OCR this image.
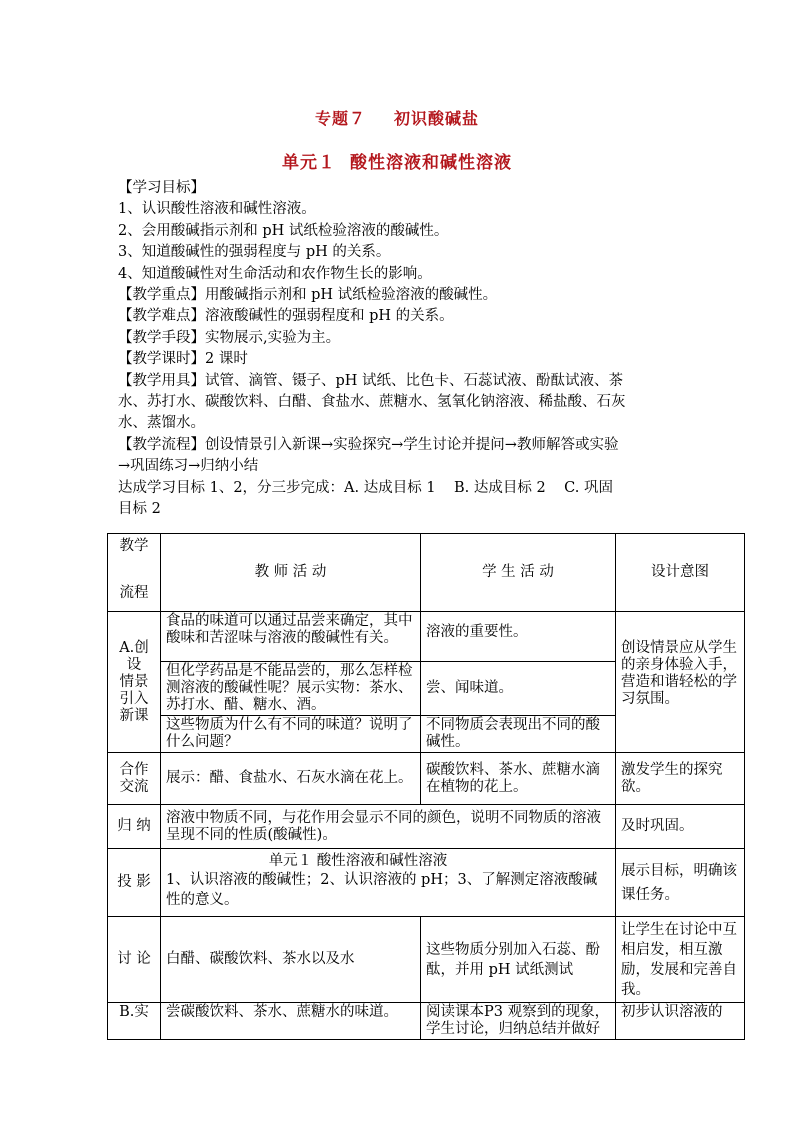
专题７ 初识酸碱盐
单元１ 酸性溶液和碱性溶液
【学习目标】
1、认识酸性溶液和碱性溶液。
2、会用酸碱指示剂和 pH 试纸检验溶液的酸碱性。
3、知道酸碱性的强弱程度与 pH 的关系。
4、知道酸碱性对生命活动和农作物生长的影响。
【教学重点】用酸碱指示剂和 pH 试纸检验溶液的酸碱性。
【教学难点】溶液酸碱性的强弱程度和 pH 的关系。
【教学手段】实物展示,实验为主。
【教学课时】2 课时
【教学用具】试管、滴管、镊子、pH 试纸、比色卡、石蕊试液、酚酞试液、茶
水、苏打水、碳酸饮料、白醋、食盐水、蔗糖水、氢氧化钠溶液、稀盐酸、石灰
水、蒸馏水。
【教学流程】创设情景引入新课→实验探究→学生讨论并提问→教师解答或实验
→巩固练习→归纳小结
达成学习目标 1、2，分三步完成：A. 达成目标 1    B. 达成目标 2    C. 巩固
目标 2
教学
流程	教 师 活 动	学 生 活 动	设计意图

A.创
设
情景
引入
新课	食品的味道可以通过品尝来确定，其中酸味和苦涩味与溶液的酸碱性有关。	溶液的重要性。	创设情景应从学生的亲身体验入手，营造和谐轻松的学习氛围。
	但化学药品是不能品尝的，那么怎样检测溶液的酸碱性呢？展示实物：茶水、苏打水、醋、糖水、酒。	尝、闻味道。	
	这些物质为什么有不同的味道？说明了什么问题？	不同物质会表现出不同的酸碱性。	

合作
交流	展示：醋、食盐水、石灰水滴在花上。	碳酸饮料、茶水、蔗糖水滴在植物的花上。	激发学生的探究欲。
归 纳	溶液中物质不同，与花作用会显示不同的颜色，说明不同物质的溶液呈现不同的性质(酸碱性)。		及时巩固。
投 影	单元１ 酸性溶液和碱性溶液
1、认识溶液的酸碱性；2、认识溶液的 pH；3、了解测定溶液酸碱性的意义。		展示目标，明确该课任务。
讨 论	白醋、碳酸饮料、茶水以及水	这些物质分别加入石蕊、酚酞，并用 pH 试纸测试	让学生在讨论中互相启发，相互激励，发展和完善自我。
B.实	尝碳酸饮料、茶水、蔗糖水的味道。	阅读课本P3 观察到的现象，学生讨论，归纳总结并做好	初步认识溶液的
